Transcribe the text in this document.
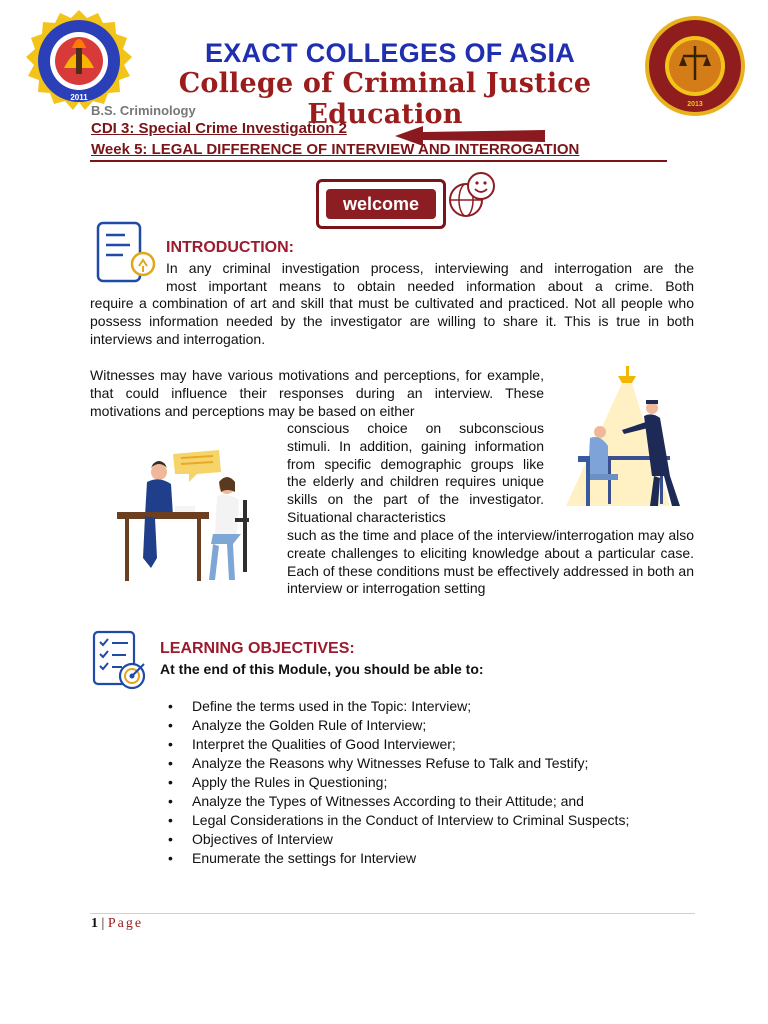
2011
2013
EXACT COLLEGES OF ASIA
College of Criminal Justice Education
B.S. Criminology
CDI 3: Special Crime Investigation 2
Week 5: LEGAL DIFFERENCE OF INTERVIEW AND INTERROGATION
welcome
INTRODUCTION:
In any criminal investigation process, interviewing and interrogation are the
most important means to obtain needed information about a crime. Both
require a combination of art and skill that must be cultivated and practiced. Not all people who possess information needed by the investigator are willing to share it. This is true in both interviews and interrogation.
Witnesses may have various motivations and perceptions, for example, that could influence their responses during an interview. These motivations and perceptions may be based on either
conscious choice on subconscious stimuli. In addition, gaining information from specific demographic groups like the elderly and children requires unique skills on the part of the investigator. Situational characteristics
such as the time and place of the interview/interrogation may also create challenges to eliciting knowledge about a particular case. Each of these conditions must be effectively addressed in both an interview or interrogation setting
LEARNING OBJECTIVES:
At the end of this Module, you should be able to:
• Define the terms used in the Topic: Interview;
• Analyze the Golden Rule of Interview;
• Interpret the Qualities of Good Interviewer;
• Analyze the Reasons why Witnesses Refuse to Talk and Testify;
• Apply the Rules in Questioning;
• Analyze the Types of Witnesses According to their Attitude; and
• Legal Considerations in the Conduct of Interview to Criminal Suspects;
• Objectives of Interview
• Enumerate the settings for Interview
1 | Page
